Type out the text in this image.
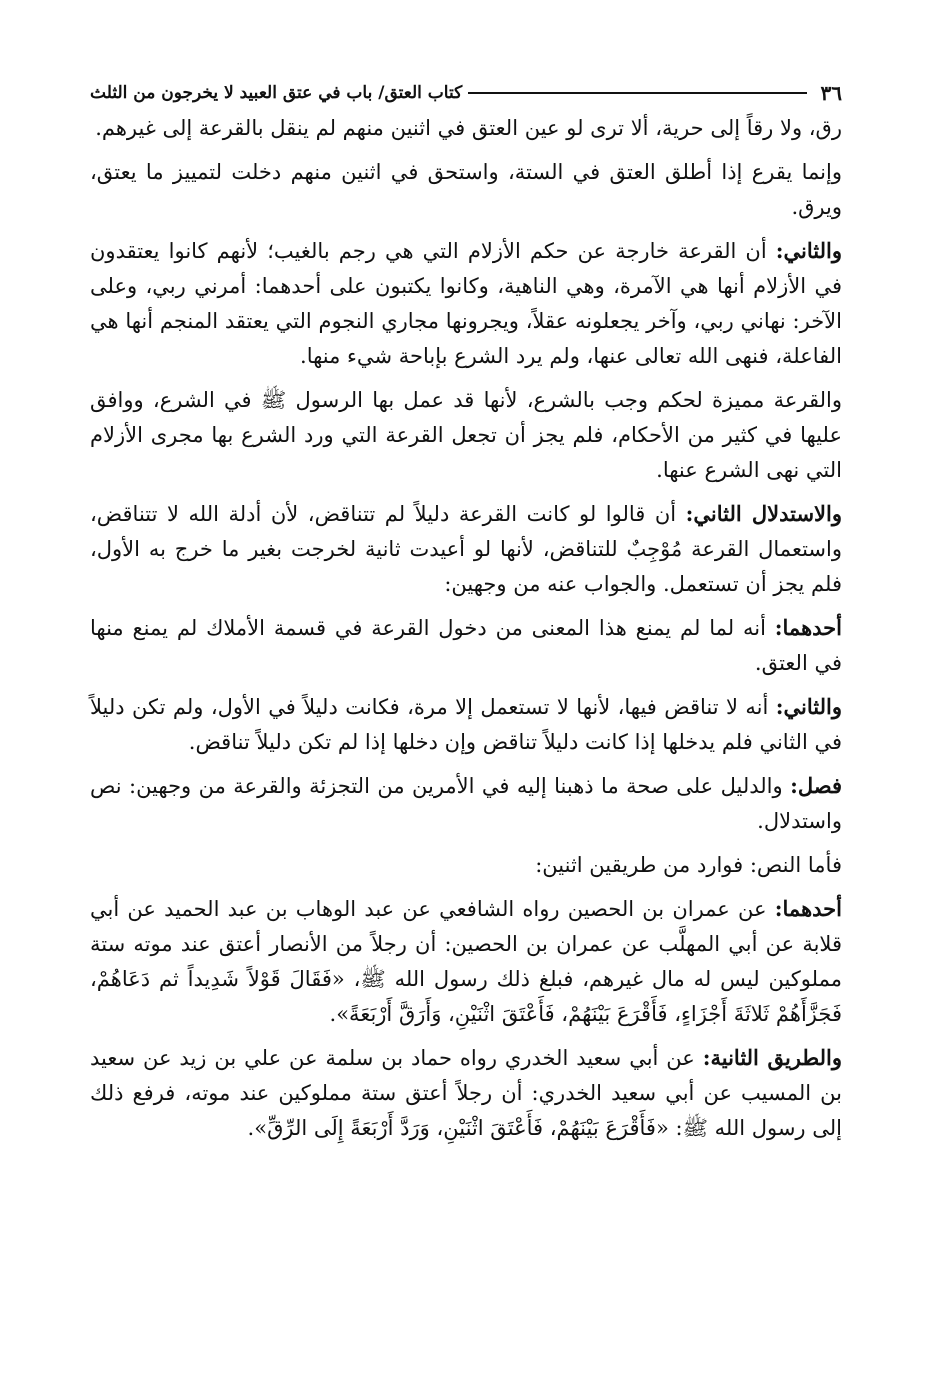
٣٦
كتاب العتق/ باب في عتق العبيد لا يخرجون من الثلث

رق، ولا رقاً إلى حرية، ألا ترى لو عين العتق في اثنين منهم لم ينقل بالقرعة إلى غيرهم.

وإنما يقرع إذا أطلق العتق في الستة، واستحق في اثنين منهم دخلت لتمييز ما يعتق، ويرق.

والثاني: أن القرعة خارجة عن حكم الأزلام التي هي رجم بالغيب؛ لأنهم كانوا يعتقدون في الأزلام أنها هي الآمرة، وهي الناهية، وكانوا يكتبون على أحدهما: أمرني ربي، وعلى الآخر: نهاني ربي، وآخر يجعلونه عقلاً، ويجرونها مجاري النجوم التي يعتقد المنجم أنها هي الفاعلة، فنهى الله تعالى عنها، ولم يرد الشرع بإباحة شيء منها.

والقرعة مميزة لحكم وجب بالشرع، لأنها قد عمل بها الرسول ﷺ في الشرع، ووافق عليها في كثير من الأحكام، فلم يجز أن تجعل القرعة التي ورد الشرع بها مجرى الأزلام التي نهى الشرع عنها.

والاستدلال الثاني: أن قالوا لو كانت القرعة دليلاً لم تتناقض، لأن أدلة الله لا تتناقض، واستعمال القرعة مُوْجِبٌ للتناقض، لأنها لو أعيدت ثانية لخرجت بغير ما خرج به الأول، فلم يجز أن تستعمل. والجواب عنه من وجهين:

أحدهما: أنه لما لم يمنع هذا المعنى من دخول القرعة في قسمة الأملاك لم يمنع منها في العتق.

والثاني: أنه لا تناقض فيها، لأنها لا تستعمل إلا مرة، فكانت دليلاً في الأول، ولم تكن دليلاً في الثاني فلم يدخلها إذا كانت دليلاً تناقض وإن دخلها إذا لم تكن دليلاً تناقض.

فصل: والدليل على صحة ما ذهبنا إليه في الأمرين من التجزئة والقرعة من وجهين: نص واستدلال.

فأما النص: فوارد من طريقين اثنين:

أحدهما: عن عمران بن الحصين رواه الشافعي عن عبد الوهاب بن عبد الحميد عن أبي قلابة عن أبي المهلَّب عن عمران بن الحصين: أن رجلاً من الأنصار أعتق عند موته ستة مملوكين ليس له مال غيرهم، فبلغ ذلك رسول الله ﷺ، «فَقَالَ قَوْلاً شَدِيداً ثم دَعَاهُمْ، فَجَزَّأَهُمْ ثَلاثَةَ أَجْزَاءٍ، فَأَقْرَعَ بَيْنَهُمْ، فَأَعْتَقَ اثْنَيْنِ، وَأَرَقَّ أَرْبَعَةً».

والطريق الثانية: عن أبي سعيد الخدري رواه حماد بن سلمة عن علي بن زيد عن سعيد بن المسيب عن أبي سعيد الخدري: أن رجلاً أعتق ستة مملوكين عند موته، فرفع ذلك إلى رسول الله ﷺ: «فَأَقْرَعَ بَيْنَهُمْ، فَأَعْتَقَ اثْنَيْنِ، وَرَدَّ أَرْبَعَةً إِلَى الرِّقِّ».
